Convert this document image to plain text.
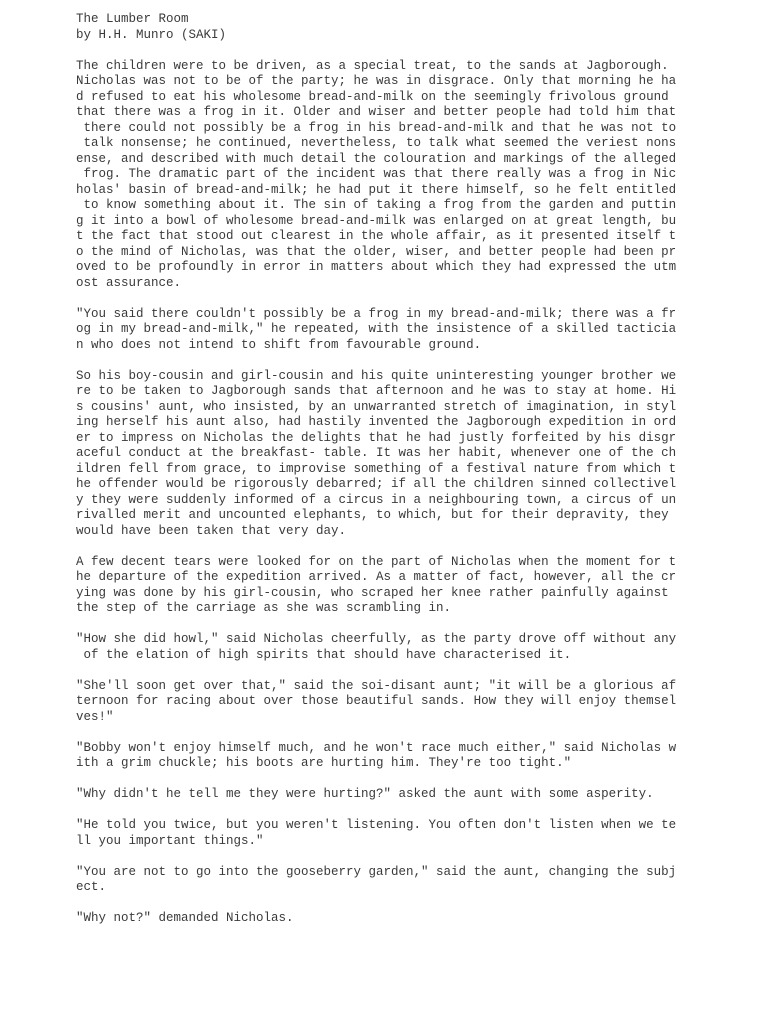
The Lumber Room
by H.H. Munro (SAKI)
The children were to be driven, as a special treat, to the sands at Jagborough.
Nicholas was not to be of the party; he was in disgrace. Only that morning he ha
d refused to eat his wholesome bread-and-milk on the seemingly frivolous ground
that there was a frog in it. Older and wiser and better people had told him that
there could not possibly be a frog in his bread-and-milk and that he was not to
talk nonsense; he continued, nevertheless, to talk what seemed the veriest nons
ense, and described with much detail the colouration and markings of the alleged
frog. The dramatic part of the incident was that there really was a frog in Nic
holas' basin of bread-and-milk; he had put it there himself, so he felt entitled
to know something about it. The sin of taking a frog from the garden and puttin
g it into a bowl of wholesome bread-and-milk was enlarged on at great length, bu
t the fact that stood out clearest in the whole affair, as it presented itself t
o the mind of Nicholas, was that the older, wiser, and better people had been pr
oved to be profoundly in error in matters about which they had expressed the utm
ost assurance.
"You said there couldn't possibly be a frog in my bread-and-milk; there was a fr
og in my bread-and-milk," he repeated, with the insistence of a skilled tacticia
n who does not intend to shift from favourable ground.
So his boy-cousin and girl-cousin and his quite uninteresting younger brother we
re to be taken to Jagborough sands that afternoon and he was to stay at home. Hi
s cousins' aunt, who insisted, by an unwarranted stretch of imagination, in styl
ing herself his aunt also, had hastily invented the Jagborough expedition in ord
er to impress on Nicholas the delights that he had justly forfeited by his disgr
aceful conduct at the breakfast- table. It was her habit, whenever one of the ch
ildren fell from grace, to improvise something of a festival nature from which t
he offender would be rigorously debarred; if all the children sinned collectivel
y they were suddenly informed of a circus in a neighbouring town, a circus of un
rivalled merit and uncounted elephants, to which, but for their depravity, they
would have been taken that very day.
A few decent tears were looked for on the part of Nicholas when the moment for t
he departure of the expedition arrived. As a matter of fact, however, all the cr
ying was done by his girl-cousin, who scraped her knee rather painfully against
the step of the carriage as she was scrambling in.
"How she did howl," said Nicholas cheerfully, as the party drove off without any
of the elation of high spirits that should have characterised it.
"She'll soon get over that," said the soi-disant aunt; "it will be a glorious af
ternoon for racing about over those beautiful sands. How they will enjoy themsel
ves!"
"Bobby won't enjoy himself much, and he won't race much either," said Nicholas w
ith a grim chuckle; his boots are hurting him. They're too tight."
"Why didn't he tell me they were hurting?" asked the aunt with some asperity.
"He told you twice, but you weren't listening. You often don't listen when we te
ll you important things."
"You are not to go into the gooseberry garden," said the aunt, changing the subj
ect.
"Why not?" demanded Nicholas.
